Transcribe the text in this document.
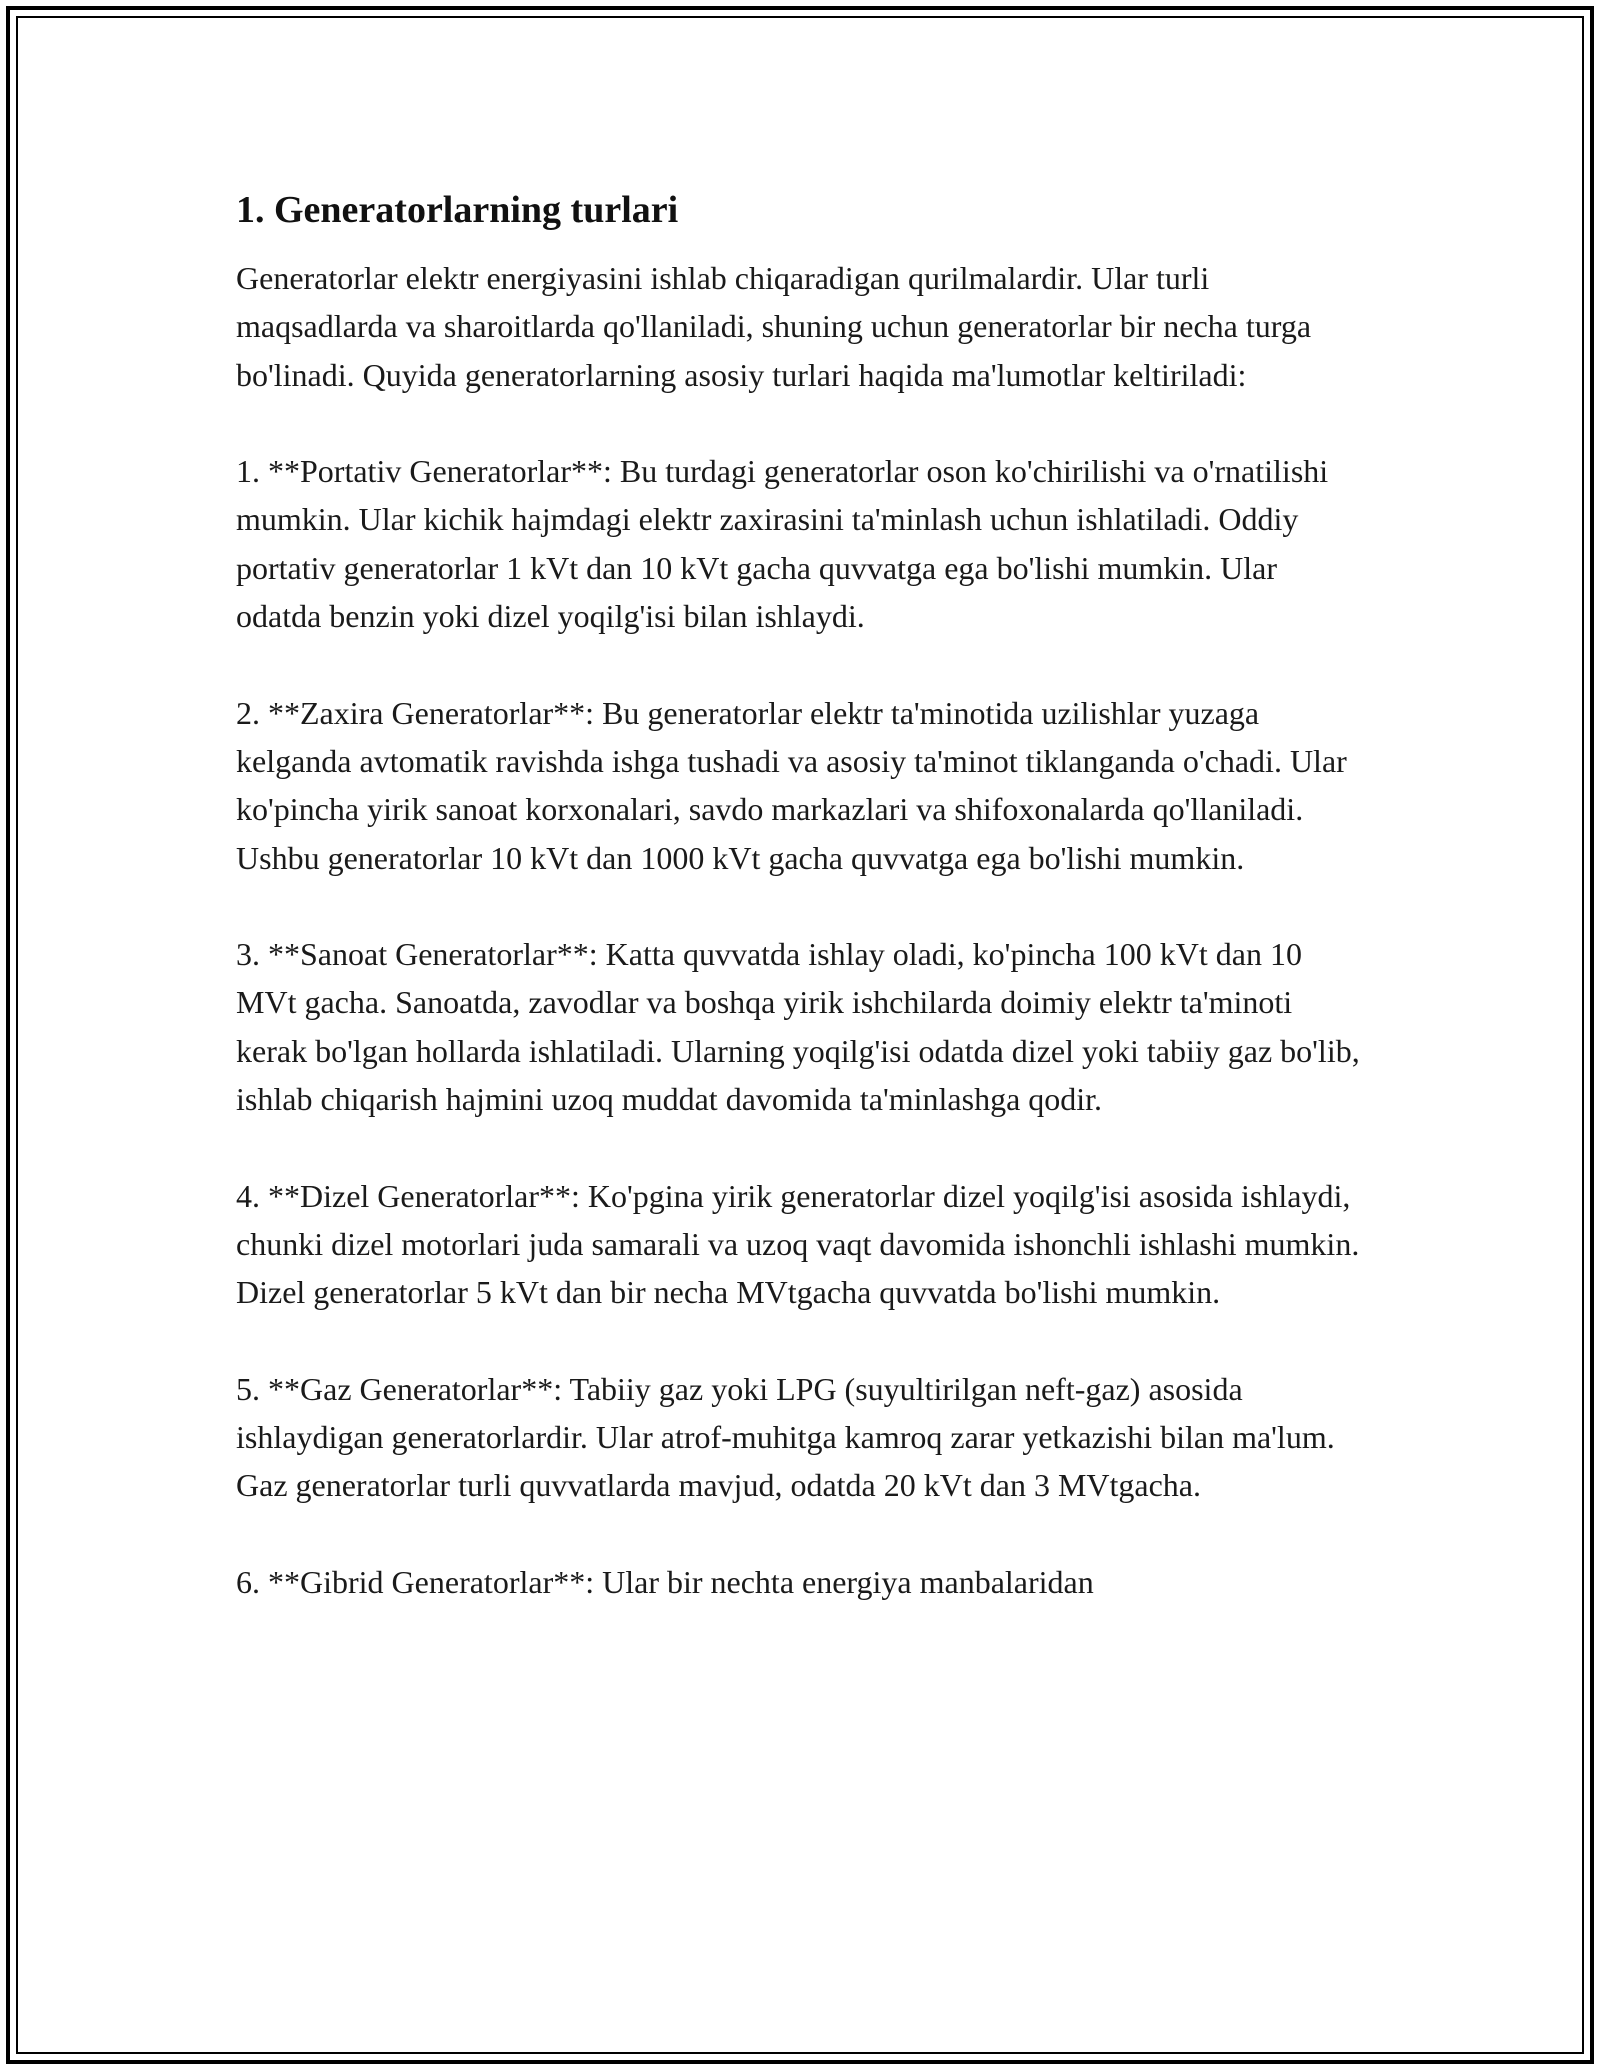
1. Generatorlarning turlari

Generatorlar elektr energiyasini ishlab chiqaradigan qurilmalardir. Ular turli maqsadlarda va sharoitlarda qo'llaniladi, shuning uchun generatorlar bir necha turga bo'linadi. Quyida generatorlarning asosiy turlari haqida ma'lumotlar keltiriladi:

1. **Portativ Generatorlar**: Bu turdagi generatorlar oson ko'chirilishi va o'rnatilishi mumkin. Ular kichik hajmdagi elektr zaxirasini ta'minlash uchun ishlatiladi. Oddiy portativ generatorlar 1 kVt dan 10 kVt gacha quvvatga ega bo'lishi mumkin. Ular odatda benzin yoki dizel yoqilg'isi bilan ishlaydi.

2. **Zaxira Generatorlar**: Bu generatorlar elektr ta'minotida uzilishlar yuzaga kelganda avtomatik ravishda ishga tushadi va asosiy ta'minot tiklanganda o'chadi. Ular ko'pincha yirik sanoat korxonalari, savdo markazlari va shifoxonalarda qo'llaniladi. Ushbu generatorlar 10 kVt dan 1000 kVt gacha quvvatga ega bo'lishi mumkin.

3. **Sanoat Generatorlar**: Katta quvvatda ishlay oladi, ko'pincha 100 kVt dan 10 MVt gacha. Sanoatda, zavodlar va boshqa yirik ishchilarda doimiy elektr ta'minoti kerak bo'lgan hollarda ishlatiladi. Ularning yoqilg'isi odatda dizel yoki tabiiy gaz bo'lib, ishlab chiqarish hajmini uzoq muddat davomida ta'minlashga qodir.

4. **Dizel Generatorlar**: Ko'pgina yirik generatorlar dizel yoqilg'isi asosida ishlaydi, chunki dizel motorlari juda samarali va uzoq vaqt davomida ishonchli ishlashi mumkin. Dizel generatorlar 5 kVt dan bir necha MVtgacha quvvatda bo'lishi mumkin.

5. **Gaz Generatorlar**: Tabiiy gaz yoki LPG (suyultirilgan neft-gaz) asosida ishlaydigan generatorlardir. Ular atrof-muhitga kamroq zarar yetkazishi bilan ma'lum. Gaz generatorlar turli quvvatlarda mavjud, odatda 20 kVt dan 3 MVtgacha.

6. **Gibrid Generatorlar**: Ular bir nechta energiya manbalaridan
